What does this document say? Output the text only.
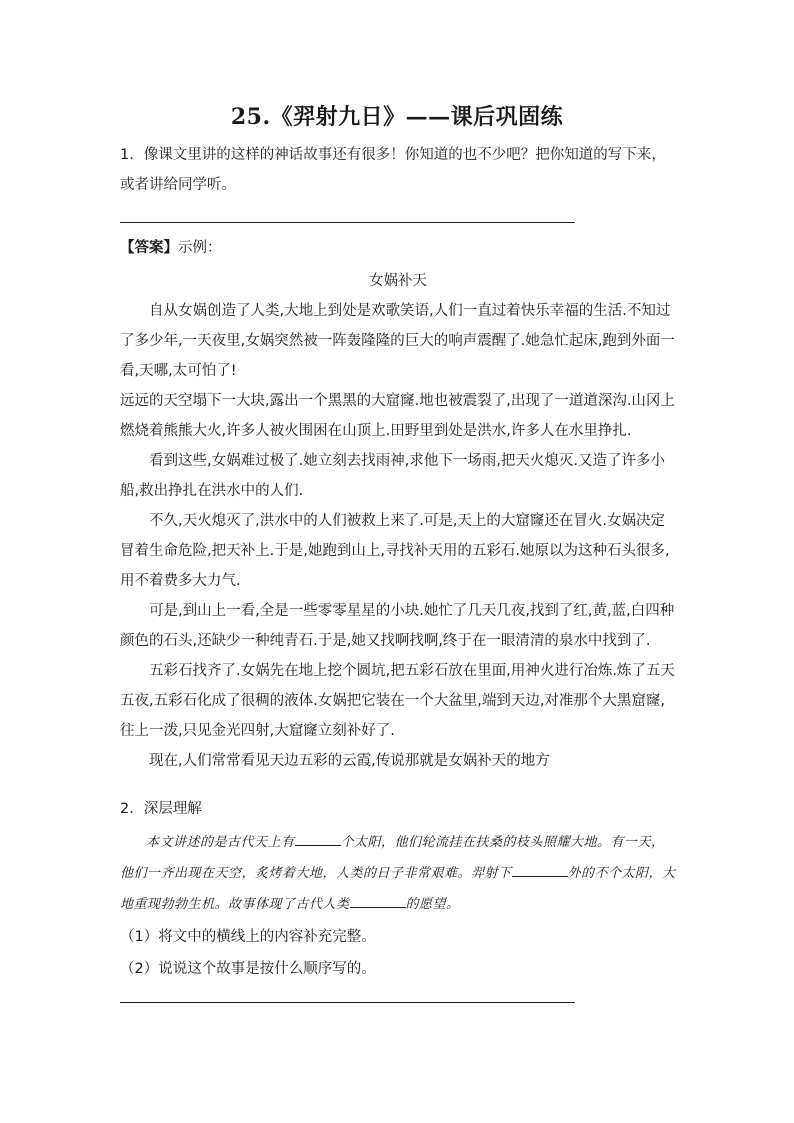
25.《羿射九日》——课后巩固练
1．像课文里讲的这样的神话故事还有很多！你知道的也不少吧？把你知道的写下来，或者讲给同学听。
【答案】示例：
女娲补天

自从女娲创造了人类,大地上到处是欢歌笑语,人们一直过着快乐幸福的生活.不知过了多少年,一天夜里,女娲突然被一阵轰隆隆的巨大的响声震醒了.她急忙起床,跑到外面一看,天哪,太可怕了!

远远的天空塌下一大块,露出一个黑黑的大窟窿.地也被震裂了,出现了一道道深沟.山冈上燃烧着熊熊大火,许多人被火围困在山顶上.田野里到处是洪水,许多人在水里挣扎.

看到这些,女娲难过极了.她立刻去找雨神,求他下一场雨,把天火熄灭.又造了许多小船,救出挣扎在洪水中的人们.

不久,天火熄灭了,洪水中的人们被救上来了.可是,天上的大窟窿还在冒火.女娲决定冒着生命危险,把天补上.于是,她跑到山上,寻找补天用的五彩石.她原以为这种石头很多,用不着费多大力气.

可是,到山上一看,全是一些零零星星的小块.她忙了几天几夜,找到了红,黄,蓝,白四种颜色的石头,还缺少一种纯青石.于是,她又找啊找啊,终于在一眼清清的泉水中找到了.

五彩石找齐了.女娲先在地上挖个圆坑,把五彩石放在里面,用神火进行冶炼.炼了五天五夜,五彩石化成了很稠的液体.女娲把它装在一个大盆里,端到天边,对准那个大黑窟窿,往上一泼,只见金光四射,大窟窿立刻补好了.

现在,人们常常看见天边五彩的云霞,传说那就是女娲补天的地方

2．深层理解
本文讲述的是古代天上有	个太阳，他们轮流挂在扶桑的枝头照耀大地。有一天，他们一齐出现在天空，炙烤着大地，人类的日子非常艰难。羿射下	外的不个太阳，大地重现勃勃生机。故事体现了古代人类	的愿望。
（1）将文中的横线上的内容补充完整。
（2）说说这个故事是按什么顺序写的。
